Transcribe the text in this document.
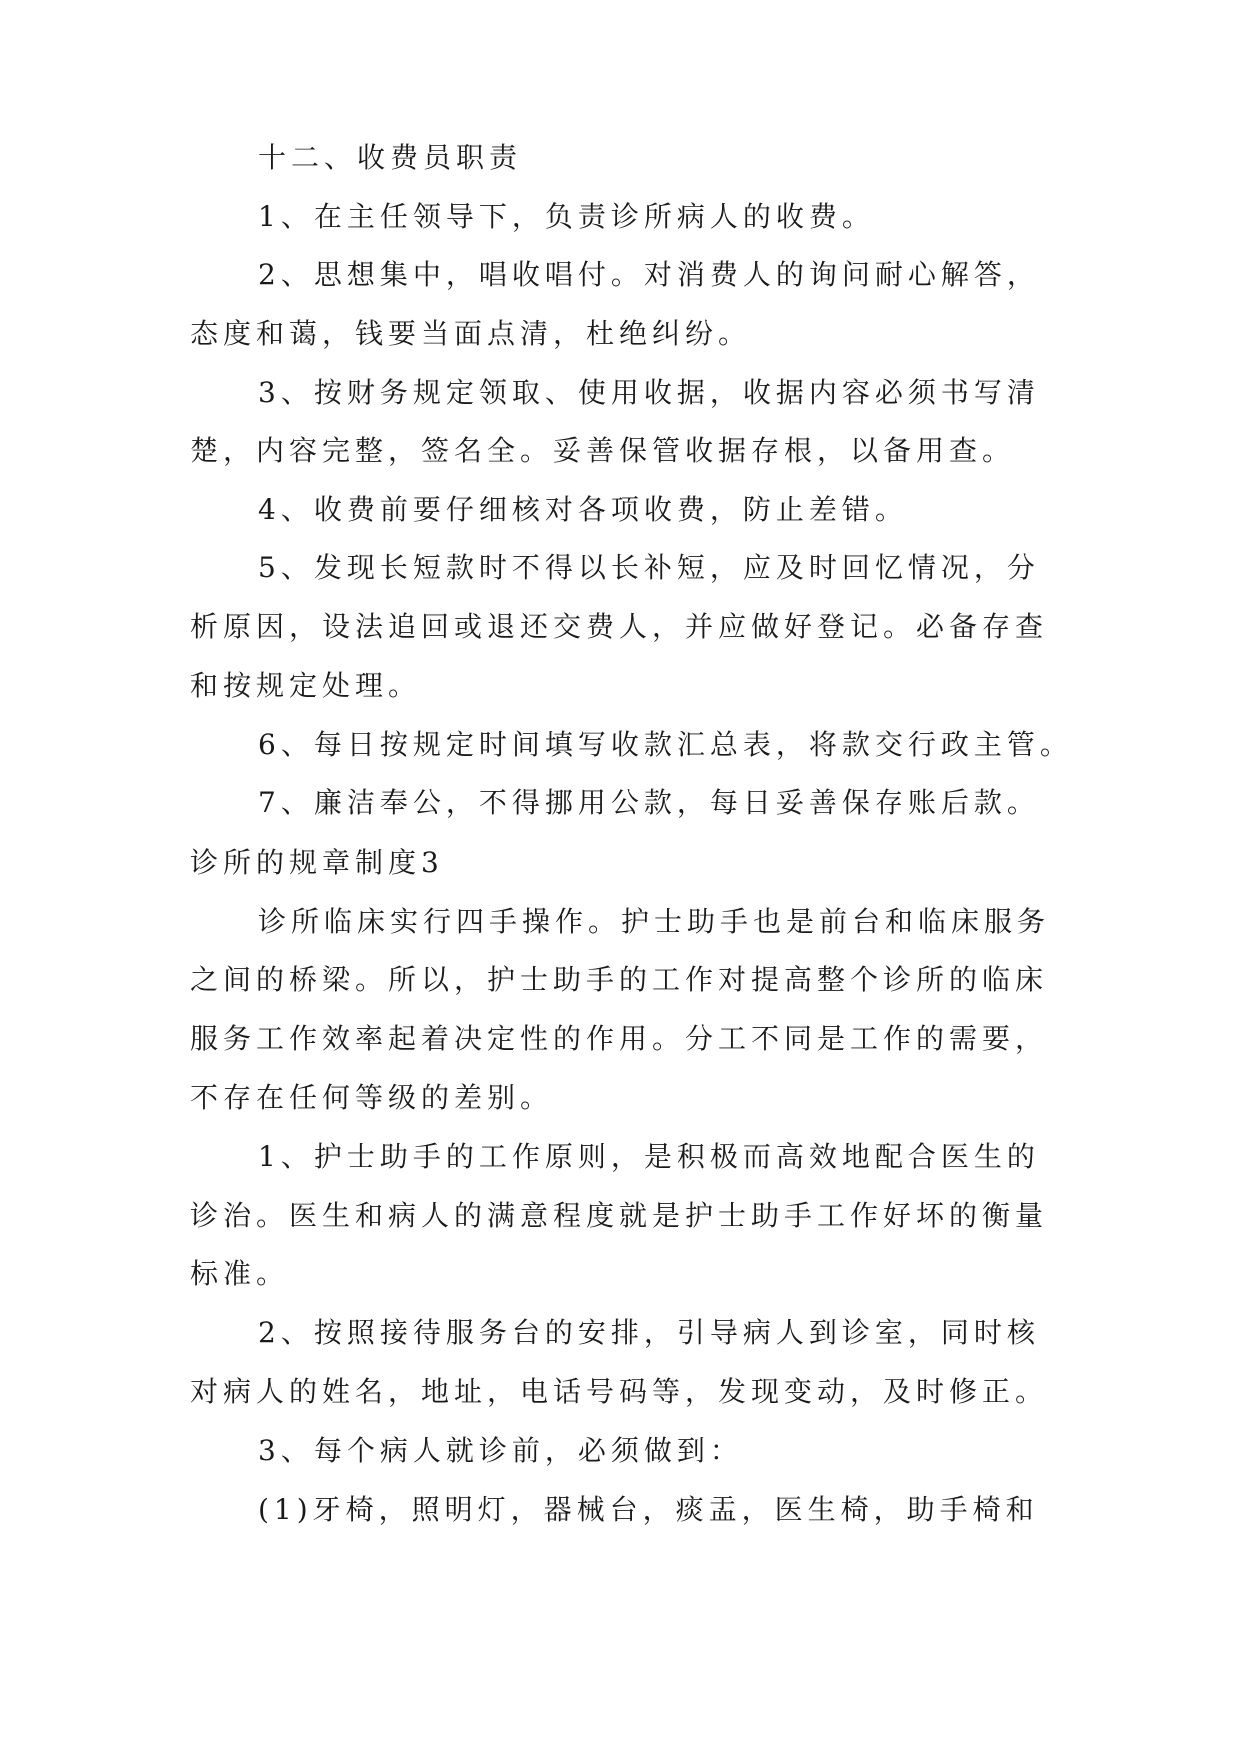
十二、收费员职责
1、在主任领导下，负责诊所病人的收费。
2、思想集中，唱收唱付。对消费人的询问耐心解答，
态度和蔼，钱要当面点清，杜绝纠纷。
3、按财务规定领取、使用收据，收据内容必须书写清
楚，内容完整，签名全。妥善保管收据存根，以备用查。
4、收费前要仔细核对各项收费，防止差错。
5、发现长短款时不得以长补短，应及时回忆情况，分
析原因，设法追回或退还交费人，并应做好登记。必备存查
和按规定处理。
6、每日按规定时间填写收款汇总表，将款交行政主管。
7、廉洁奉公，不得挪用公款，每日妥善保存账后款。
诊所的规章制度3
诊所临床实行四手操作。护士助手也是前台和临床服务
之间的桥梁。所以，护士助手的工作对提高整个诊所的临床
服务工作效率起着决定性的作用。分工不同是工作的需要，
不存在任何等级的差别。
1、护士助手的工作原则，是积极而高效地配合医生的
诊治。医生和病人的满意程度就是护士助手工作好坏的衡量
标准。
2、按照接待服务台的安排，引导病人到诊室，同时核
对病人的姓名，地址，电话号码等，发现变动，及时修正。
3、每个病人就诊前，必须做到：
(1)牙椅，照明灯，器械台，痰盂，医生椅，助手椅和
